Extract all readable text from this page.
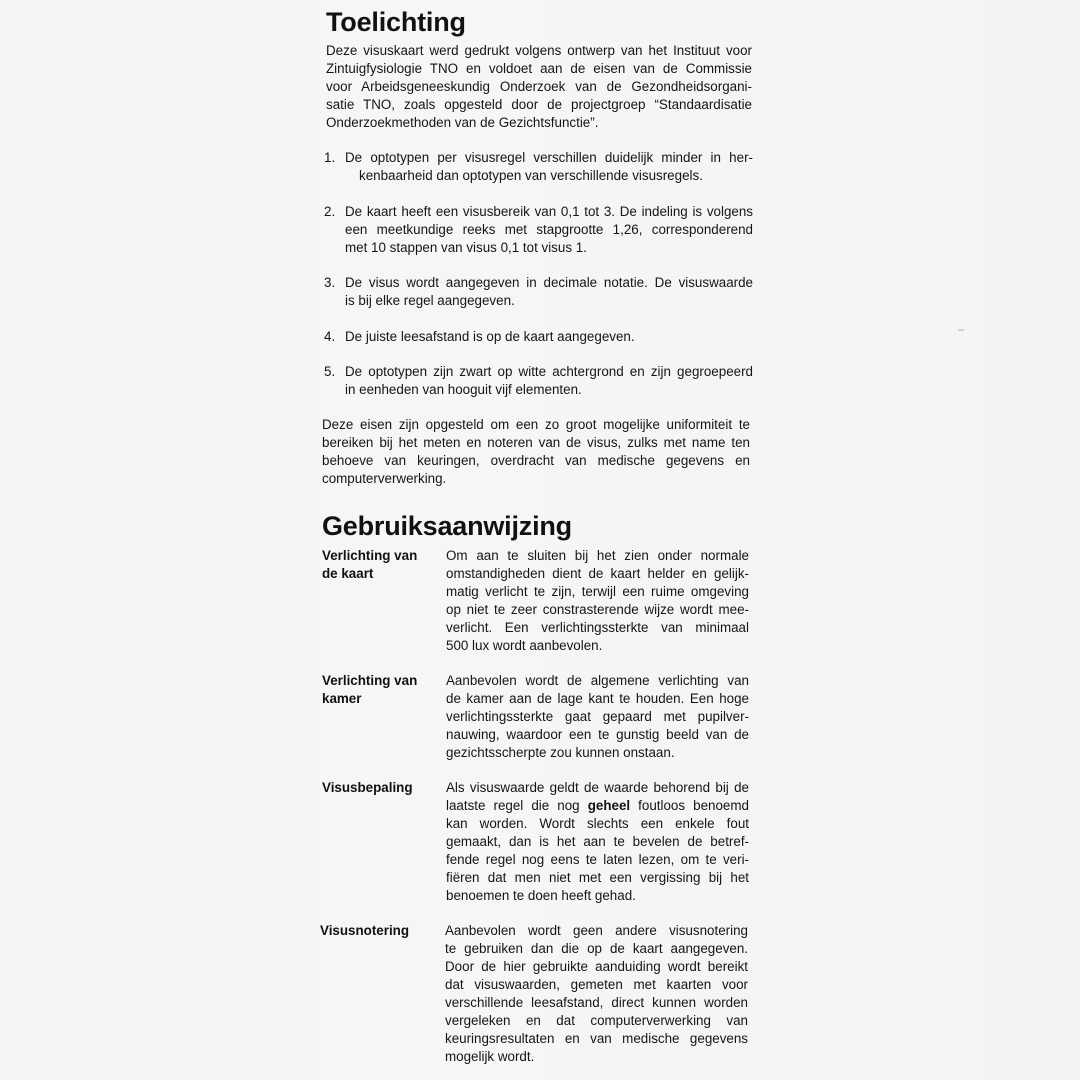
Toelichting
Deze visuskaart werd gedrukt volgens ontwerp van het Instituut voor
Zintuigfysiologie TNO en voldoet aan de eisen van de Commissie
voor Arbeidsgeneeskundig Onderzoek van de Gezondheidsorgani-
satie TNO, zoals opgesteld door de projectgroep “Standaardisatie
Onderzoekmethoden van de Gezichtsfunctie”.
1. De optotypen per visusregel verschillen duidelijk minder in her-
kenbaarheid dan optotypen van verschillende visusregels.
2. De kaart heeft een visusbereik van 0,1 tot 3. De indeling is volgens
een meetkundige reeks met stapgrootte 1,26, corresponderend
met 10 stappen van visus 0,1 tot visus 1.
3. De visus wordt aangegeven in decimale notatie. De visuswaarde
is bij elke regel aangegeven.
4. De juiste leesafstand is op de kaart aangegeven.
5. De optotypen zijn zwart op witte achtergrond en zijn gegroepeerd
in eenheden van hooguit vijf elementen.
Deze eisen zijn opgesteld om een zo groot mogelijke uniformiteit te
bereiken bij het meten en noteren van de visus, zulks met name ten
behoeve van keuringen, overdracht van medische gegevens en
computerverwerking.
Gebruiksaanwijzing
Verlichting van
de kaart
Om aan te sluiten bij het zien onder normale
omstandigheden dient de kaart helder en gelijk-
matig verlicht te zijn, terwijl een ruime omgeving
op niet te zeer constrasterende wijze wordt mee-
verlicht. Een verlichtingssterkte van minimaal
500 lux wordt aanbevolen.
Verlichting van
kamer
Aanbevolen wordt de algemene verlichting van
de kamer aan de lage kant te houden. Een hoge
verlichtingssterkte gaat gepaard met pupilver-
nauwing, waardoor een te gunstig beeld van de
gezichtsscherpte zou kunnen onstaan.
Visusbepaling	Als visuswaarde geldt de waarde behorend bij de
laatste regel die nog geheel foutloos benoemd
kan worden. Wordt slechts een enkele fout
gemaakt, dan is het aan te bevelen de betref-
fende regel nog eens te laten lezen, om te veri-
fiëren dat men niet met een vergissing bij het
benoemen te doen heeft gehad.
Visusnotering	Aanbevolen wordt geen andere visusnotering
te gebruiken dan die op de kaart aangegeven.
Door de hier gebruikte aanduiding wordt bereikt
dat visuswaarden, gemeten met kaarten voor
verschillende leesafstand, direct kunnen worden
vergeleken en dat computerverwerking van
keuringsresultaten en van medische gegevens
mogelijk wordt.
